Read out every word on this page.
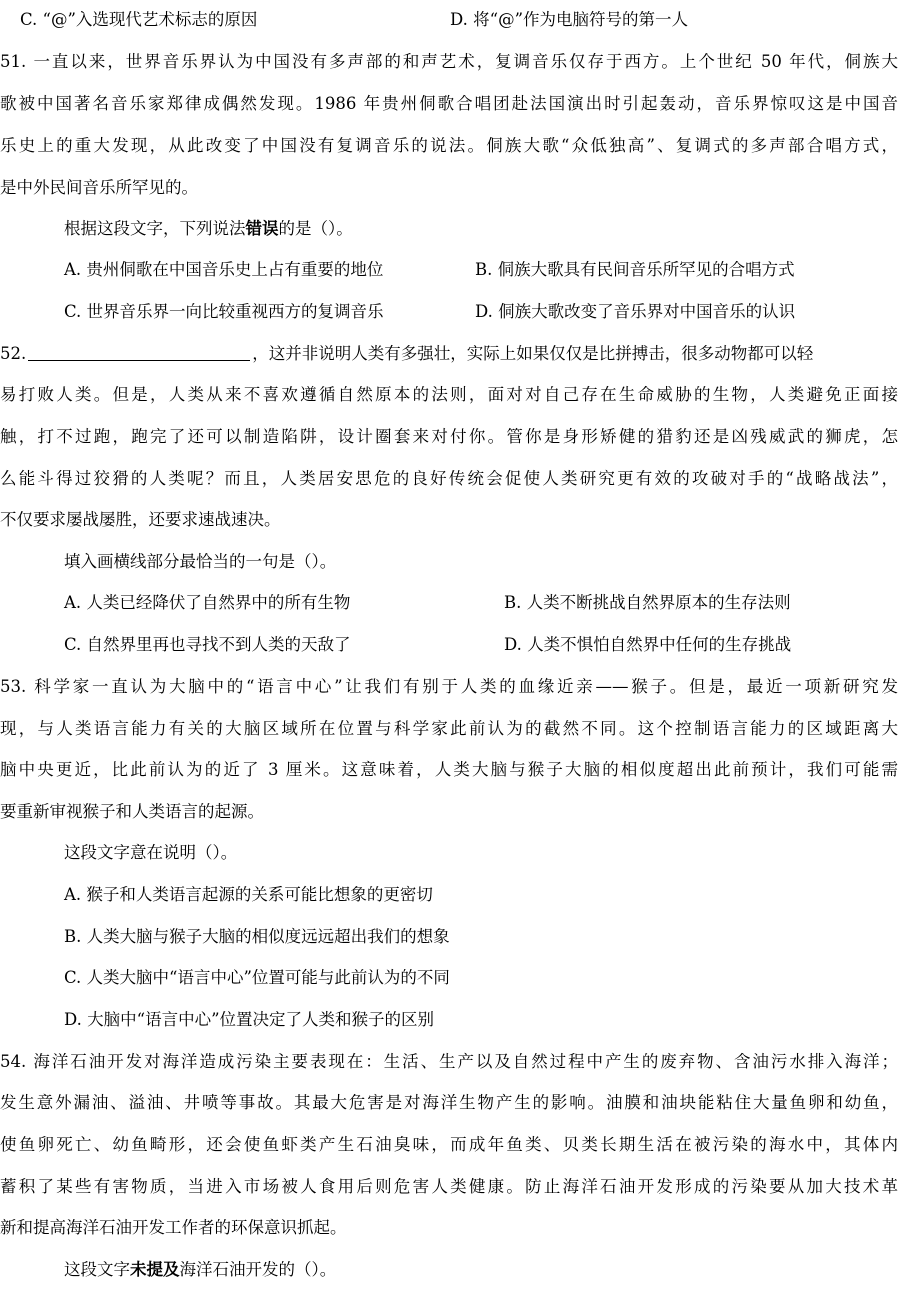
C. “@”入选现代艺术标志的原因	D. 将“@”作为电脑符号的第一人
51. 一直以来，世界音乐界认为中国没有多声部的和声艺术，复调音乐仅存于西方。上个世纪 50 年代，侗族大
歌被中国著名音乐家郑律成偶然发现。1986 年贵州侗歌合唱团赴法国演出时引起轰动，音乐界惊叹这是中国音
乐史上的重大发现，从此改变了中国没有复调音乐的说法。侗族大歌“众低独高”、复调式的多声部合唱方式，
是中外民间音乐所罕见的。
根据这段文字，下列说法错误的是（）。
A. 贵州侗歌在中国音乐史上占有重要的地位	B. 侗族大歌具有民间音乐所罕见的合唱方式
C. 世界音乐界一向比较重视西方的复调音乐	D. 侗族大歌改变了音乐界对中国音乐的认识
52.	，这并非说明人类有多强壮，实际上如果仅仅是比拼搏击，很多动物都可以轻
易打败人类。但是，人类从来不喜欢遵循自然原本的法则，面对对自己存在生命威胁的生物，人类避免正面接
触，打不过跑，跑完了还可以制造陷阱，设计圈套来对付你。管你是身形矫健的猎豹还是凶残威武的狮虎，怎
么能斗得过狡猾的人类呢？而且，人类居安思危的良好传统会促使人类研究更有效的攻破对手的“战略战法”，
不仅要求屡战屡胜，还要求速战速决。
填入画横线部分最恰当的一句是（）。
A. 人类已经降伏了自然界中的所有生物	B. 人类不断挑战自然界原本的生存法则
C. 自然界里再也寻找不到人类的天敌了	D. 人类不惧怕自然界中任何的生存挑战
53. 科学家一直认为大脑中的“语言中心”让我们有别于人类的血缘近亲——猴子。但是，最近一项新研究发
现，与人类语言能力有关的大脑区域所在位置与科学家此前认为的截然不同。这个控制语言能力的区域距离大
脑中央更近，比此前认为的近了 3 厘米。这意味着，人类大脑与猴子大脑的相似度超出此前预计，我们可能需
要重新审视猴子和人类语言的起源。
这段文字意在说明（）。
A. 猴子和人类语言起源的关系可能比想象的更密切
B. 人类大脑与猴子大脑的相似度远远超出我们的想象
C. 人类大脑中“语言中心”位置可能与此前认为的不同
D. 大脑中“语言中心”位置决定了人类和猴子的区别
54. 海洋石油开发对海洋造成污染主要表现在：生活、生产以及自然过程中产生的废弃物、含油污水排入海洋；
发生意外漏油、溢油、井喷等事故。其最大危害是对海洋生物产生的影响。油膜和油块能粘住大量鱼卵和幼鱼，
使鱼卵死亡、幼鱼畸形，还会使鱼虾类产生石油臭味，而成年鱼类、贝类长期生活在被污染的海水中，其体内
蓄积了某些有害物质，当进入市场被人食用后则危害人类健康。防止海洋石油开发形成的污染要从加大技术革
新和提高海洋石油开发工作者的环保意识抓起。
这段文字未提及海洋石油开发的（）。
